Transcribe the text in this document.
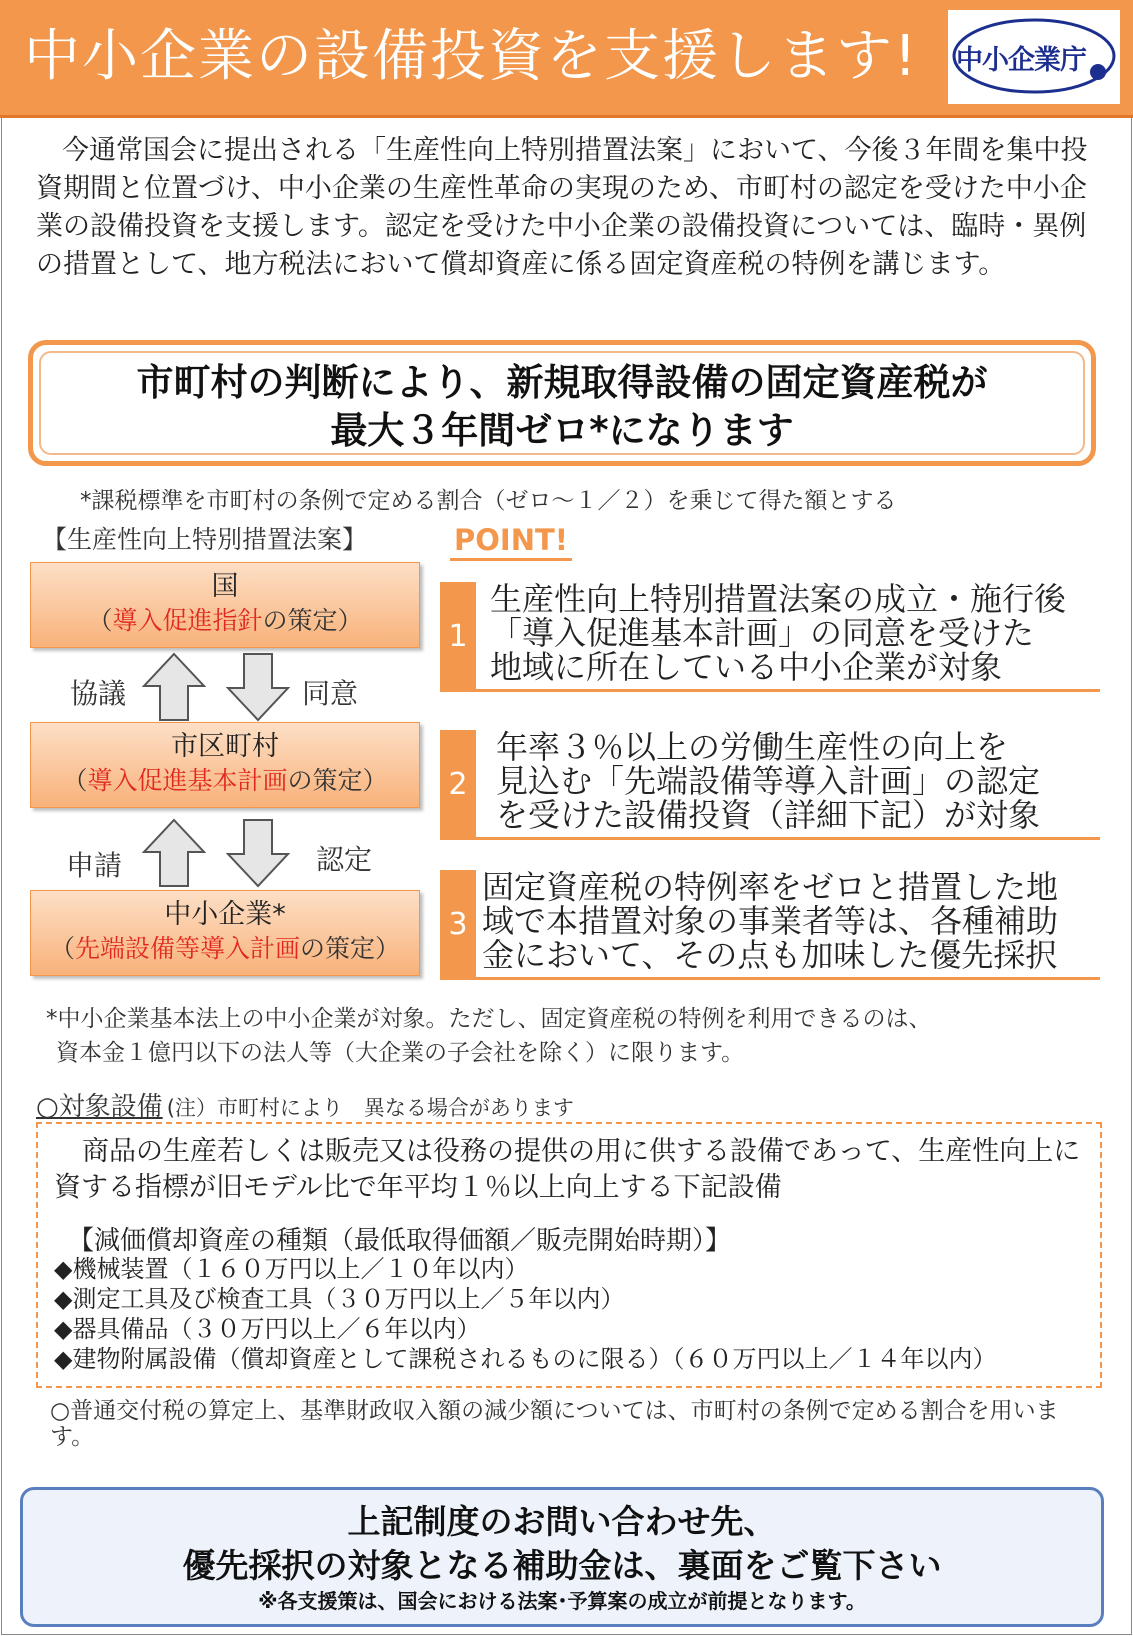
中小企業の設備投資を支援します! 中小企業庁
今通常国会に提出される「生産性向上特別措置法案」において、今後３年間を集中投資期間と位置づけ、中小企業の生産性革命の実現のため、市町村の認定を受けた中小企業の設備投資を支援します。認定を受けた中小企業の設備投資については、臨時・異例の措置として、地方税法において償却資産に係る固定資産税の特例を講じます。
市町村の判断により、新規取得設備の固定資産税が
最大３年間ゼロ*になります
*課税標準を市町村の条例で定める割合（ゼロ〜１／２）を乗じて得た額とする
【生産性向上特別措置法案】	POINT!
国
（導入促進指針の策定）
協議	同意
市区町村
（導入促進基本計画の策定）
申請	認定
中小企業*
（先端設備等導入計画の策定）
1
生産性向上特別措置法案の成立・施行後
「導入促進基本計画」の同意を受けた
地域に所在している中小企業が対象
2
年率３％以上の労働生産性の向上を
見込む「先端設備等導入計画」の認定
を受けた設備投資（詳細下記）が対象
3
固定資産税の特例率をゼロと措置した地
域で本措置対象の事業者等は、各種補助
金において、その点も加味した優先採択
*中小企業基本法上の中小企業が対象。ただし、固定資産税の特例を利用できるのは、
資本金１億円以下の法人等（大企業の子会社を除く）に限ります。
○対象設備 (注）市町村により　異なる場合があります
商品の生産若しくは販売又は役務の提供の用に供する設備であって、生産性向上に資する指標が旧モデル比で年平均１％以上向上する下記設備
【減価償却資産の種類（最低取得価額／販売開始時期）】
◆機械装置（１６０万円以上／１０年以内）
◆測定工具及び検査工具（３０万円以上／５年以内）
◆器具備品（３０万円以上／６年以内）
◆建物附属設備（償却資産として課税されるものに限る）（６０万円以上／１４年以内）
○普通交付税の算定上、基準財政収入額の減少額については、市町村の条例で定める割合を用います。
上記制度のお問い合わせ先、
優先採択の対象となる補助金は、裏面をご覧下さい
※各支援策は、国会における法案･予算案の成立が前提となります。
